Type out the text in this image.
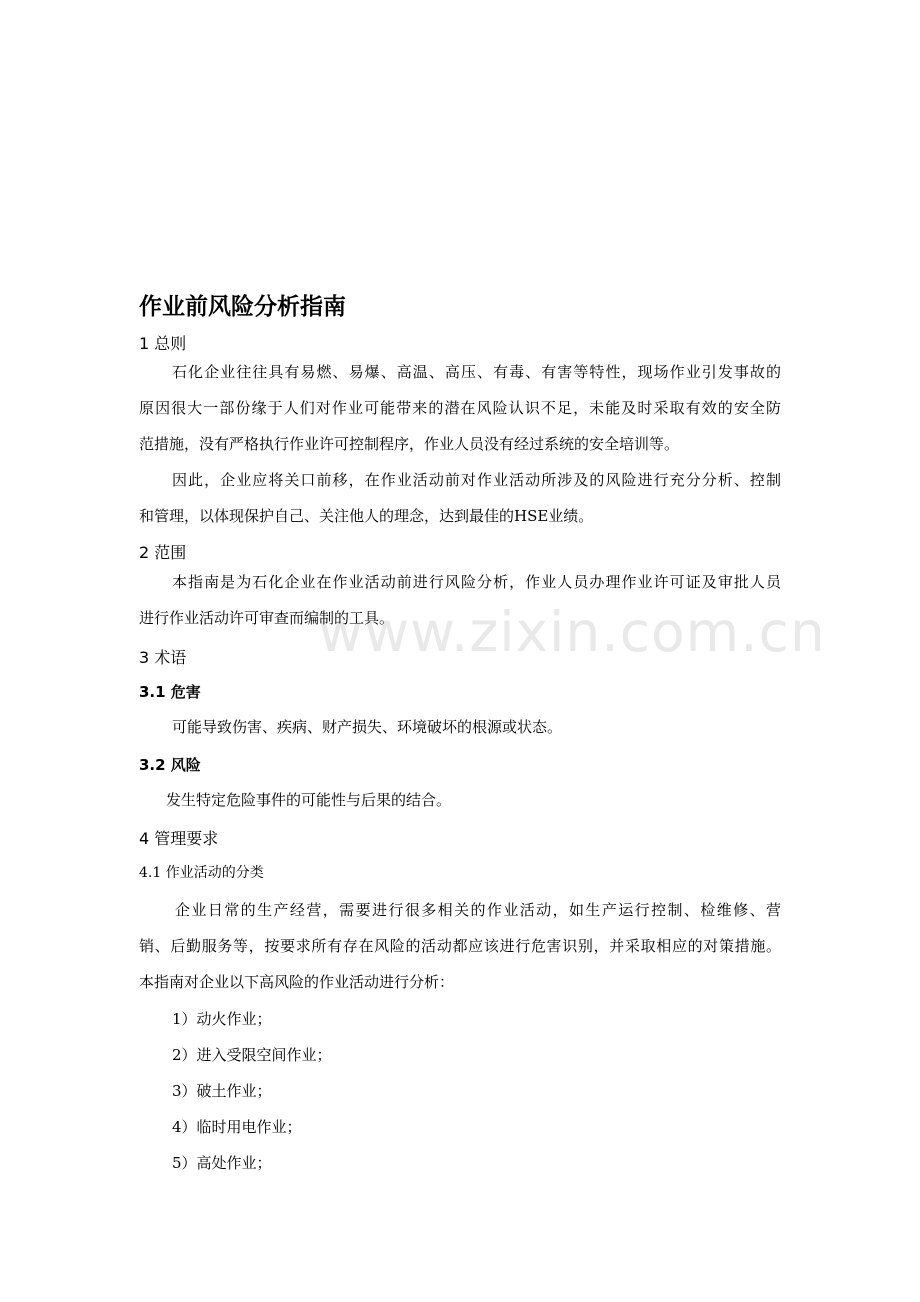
www.zixin.com.cn
作业前风险分析指南
1 总则
石化企业往往具有易燃、易爆、高温、高压、有毒、有害等特性，现场作业引发事故的
原因很大一部份缘于人们对作业可能带来的潜在风险认识不足，未能及时采取有效的安全防
范措施，没有严格执行作业许可控制程序，作业人员没有经过系统的安全培训等。
因此，企业应将关口前移，在作业活动前对作业活动所涉及的风险进行充分分析、控制
和管理，以体现保护自己、关注他人的理念，达到最佳的HSE业绩。
2 范围
本指南是为石化企业在作业活动前进行风险分析，作业人员办理作业许可证及审批人员
进行作业活动许可审查而编制的工具。
3 术语
3.1 危害
可能导致伤害、疾病、财产损失、环境破坏的根源或状态。
3.2 风险
发生特定危险事件的可能性与后果的结合。
4 管理要求
4.1 作业活动的分类
企业日常的生产经营，需要进行很多相关的作业活动，如生产运行控制、检维修、营
销、后勤服务等，按要求所有存在风险的活动都应该进行危害识别，并采取相应的对策措施。
本指南对企业以下高风险的作业活动进行分析：
1）动火作业；
2）进入受限空间作业；
3）破土作业；
4）临时用电作业；
5）高处作业；
